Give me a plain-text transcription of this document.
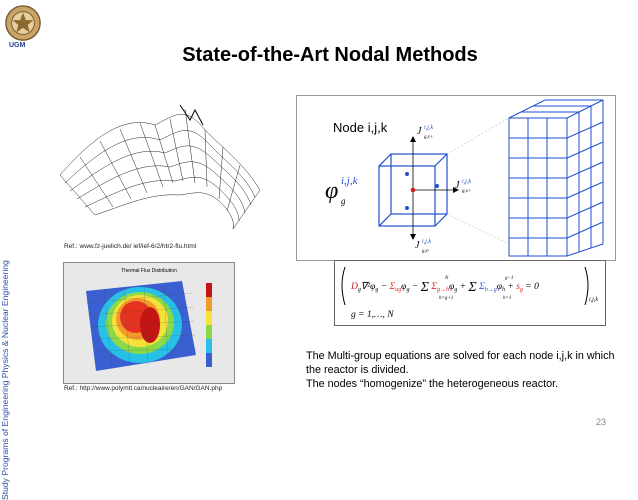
UGM
Study Programs of Engineering Physics & Nuclear Engineering
State-of-the-Art Nodal Methods
Ref.: www.fz-juelich.de/ ief/ief-6/2/htr2-flu.html
Thermal Flux Distribution
Ref.: http://www.polymtl.ca/nucleaire/en/GAN/GAN.php
Node i,j,k
φ i,j,k
g
J i,j,k
g,z+
J i,j,k
g,x+
J i,j,k
g,z-
$D_g\nabla^2\varphi_g - \Sigma_{ag}\varphi_g - \Sigma$ $\Sigma_{g\to h}\varphi_g + \Sigma$ $\Sigma_{h\to g}\varphi_h + s_g = 0$
N
h=g+1
g−1
h=1	i,j,k
g = 1,…, N
The Multi-group equations are solved for each node i,j,k in which the reactor is divided.
The nodes “homogenize” the heterogeneous reactor.
23
